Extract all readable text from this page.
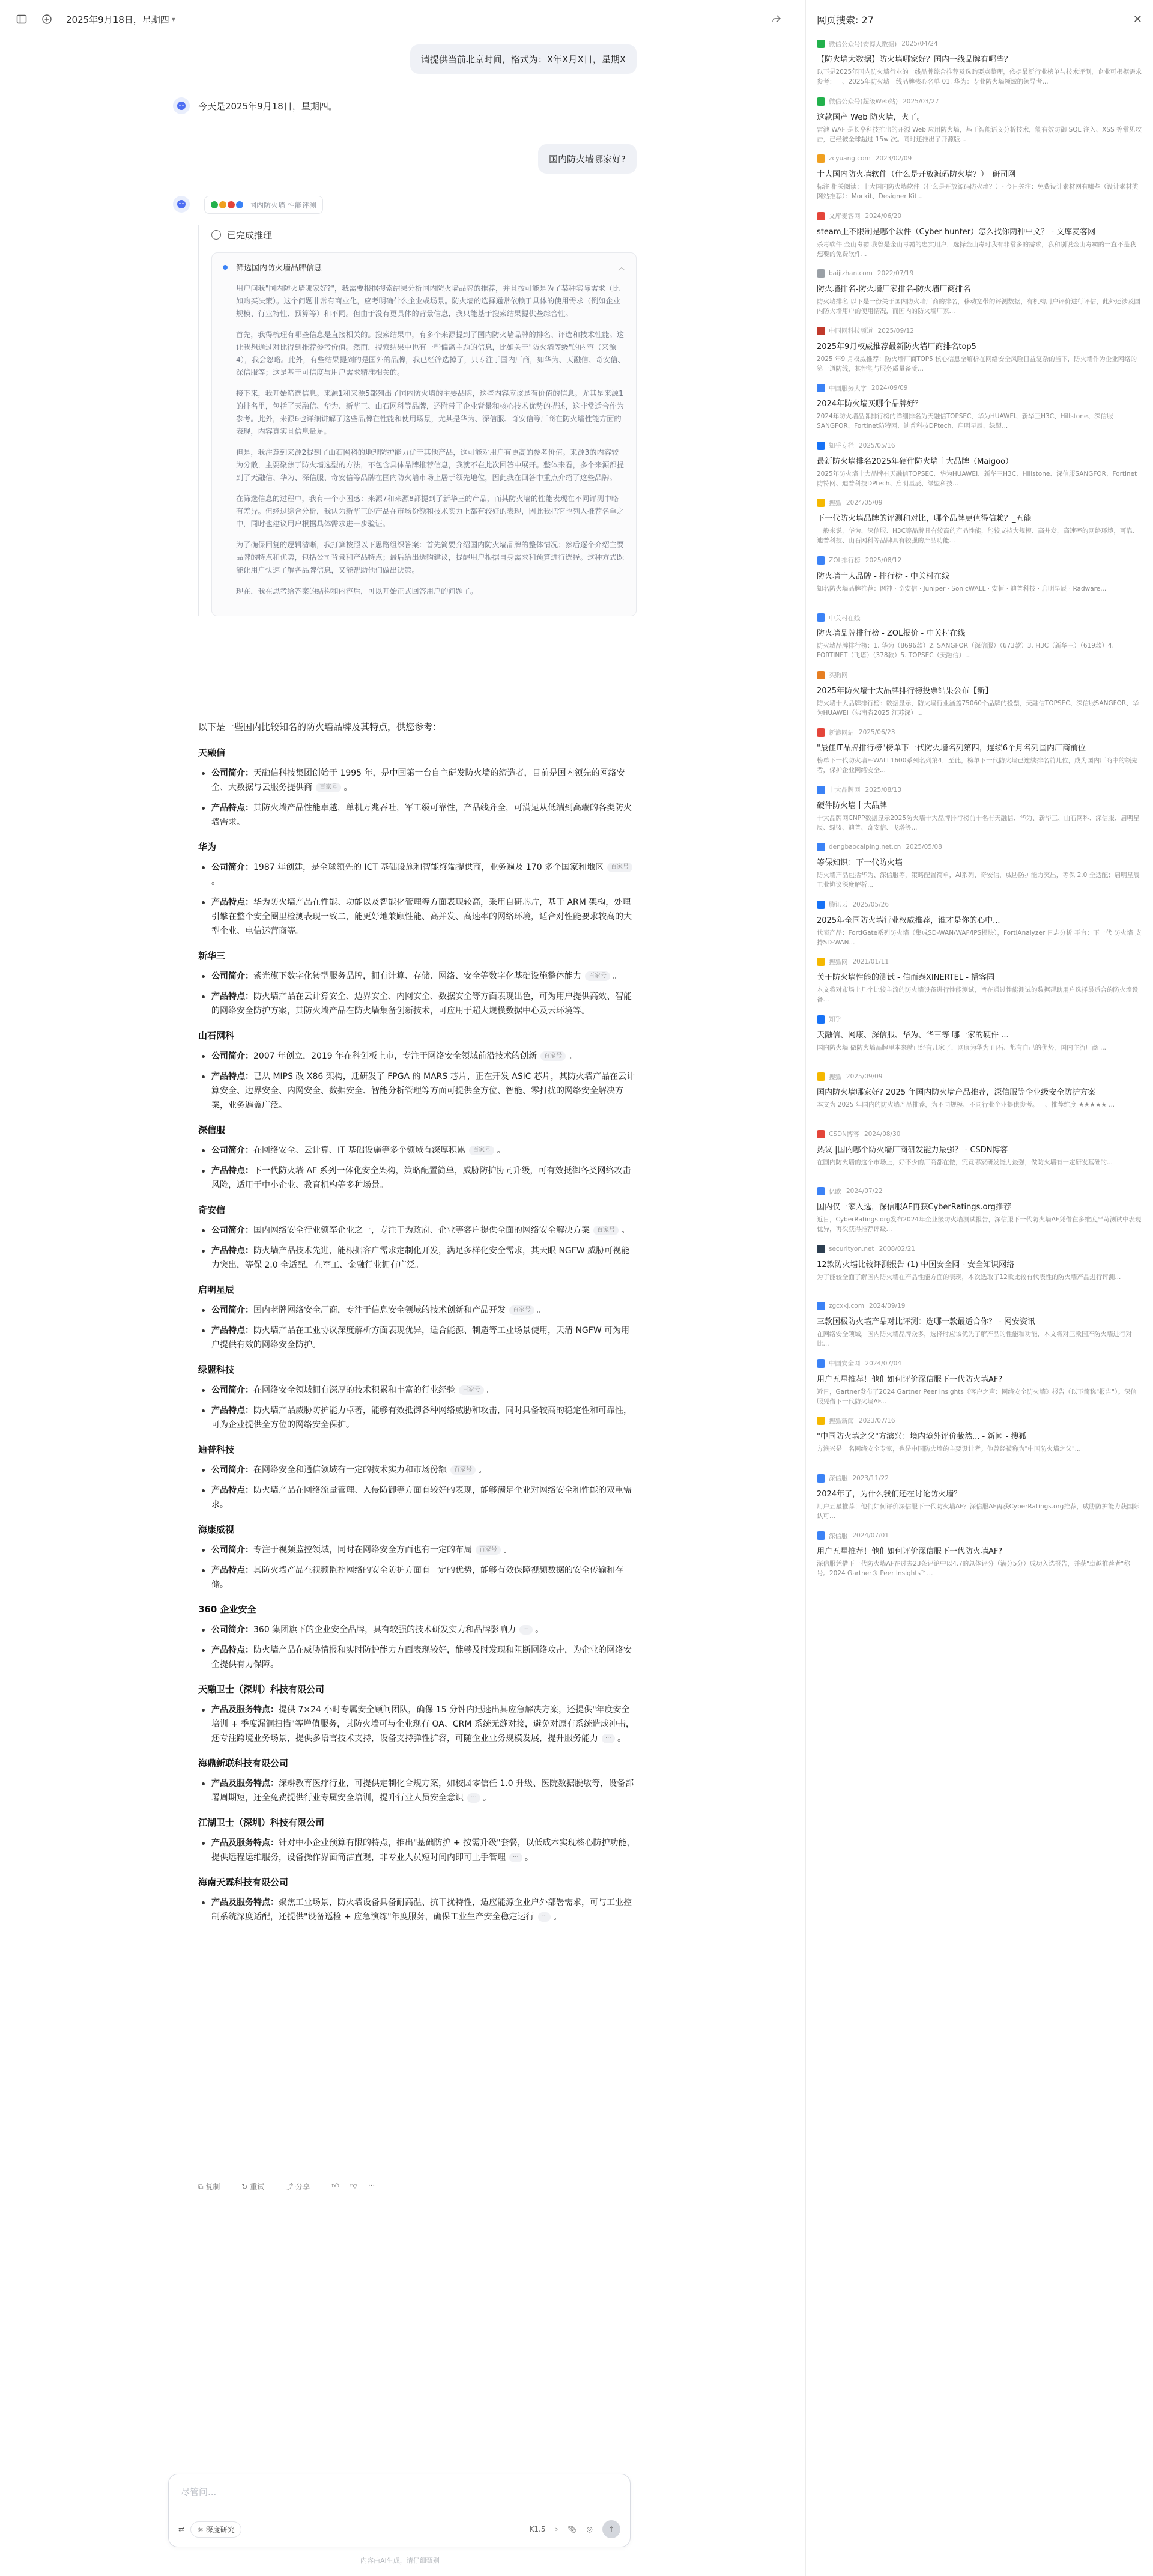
2025年9月18日，星期四 ▾
请提供当前北京时间，格式为：X年X月X日，星期X
今天是2025年9月18日，星期四。
国内防火墙哪家好?
国内防火墙 性能评测
已完成推理
筛选国内防火墙品牌信息	︿

用户问我"国内防火墙哪家好?"，我需要根据搜索结果分析国内防火墙品牌的推荐，并且按可能是为了某种实际需求（比如购买决策）。这个问题非常有商业化，应考明确什么企业或场景。防火墙的选择通常依赖于具体的使用需求（例如企业规模、行业特性、预算等）和不同。但由于没有更具体的背景信息，我只能基于搜索结果提供些综合性。

首先，我得梳理有哪些信息是直接相关的。搜索结果中，有多个来源提到了国内防火墙品牌的排名、评选和技术性能。这让我想通过对比得到推荐参考价值。然而，搜索结果中也有一些偏离主题的信息，比如关于"防火墙等级"的内容（来源4），我会忽略。此外，有些结果提到的是国外的品牌，我已经筛选掉了，只专注于国内厂商，如华为、天融信、奇安信、深信服等；这是基于可信度与用户需求精准相关的。

接下来，我开始筛选信息。来源1和来源5都列出了国内防火墙的主要品牌，这些内容应该是有价值的信息。尤其是来源1的排名里，包括了天融信、华为、新华三、山石网科等品牌，还附带了企业背景和核心技术优势的描述，这非常适合作为参考。此外，来源6也详细讲解了这些品牌在性能和使用场景，尤其是华为、深信服、奇安信等厂商在防火墙性能方面的表现，内容真实且信息量足。

但是，我注意到来源2提到了山石网科的地理防护能力优于其他产品，这可能对用户有更高的参考价值。来源3的内容较为分散，主要聚焦于防火墙选型的方法，不包含具体品牌推荐信息，我就不在此次回答中展开。整体来看，多个来源都提到了天融信、华为、深信服、奇安信等品牌在国内防火墙市场上居于领先地位，因此我在回答中重点介绍了这些品牌。

在筛选信息的过程中，我有一个小困惑：来源7和来源8都提到了新华三的产品，而其防火墙的性能表现在不同评测中略有差异。但经过综合分析，我认为新华三的产品在市场份额和技术实力上都有较好的表现，因此我把它也列入推荐名单之中，同时也建议用户根据具体需求进一步验证。

为了确保回复的逻辑清晰，我打算按照以下思路组织答案：首先简要介绍国内防火墙品牌的整体情况；然后逐个介绍主要品牌的特点和优势，包括公司背景和产品特点；最后给出选购建议，提醒用户根据自身需求和预算进行选择。这种方式既能让用户快速了解各品牌信息，又能帮助他们做出决策。

现在，我在思考给答案的结构和内容后，可以开始正式回答用户的问题了。

以下是一些国内比较知名的防火墙品牌及其特点，供您参考：
天融信
公司简介：天融信科技集团创始于 1995 年，是中国第一台自主研发防火墙的缔造者，目前是国内领先的网络安全、大数据与云服务提供商 百家号 。
产品特点：其防火墙产品性能卓越，单机万兆吞吐，军工级可靠性，产品线齐全，可满足从低端到高端的各类防火墙需求。
华为
公司简介：1987 年创建，是全球领先的 ICT 基础设施和智能终端提供商，业务遍及 170 多个国家和地区 百家号 。
产品特点：华为防火墙产品在性能、功能以及智能化管理等方面表现较高，采用自研芯片，基于 ARM 架构，处理引擎在整个安全圈里检测表现一致二，能更好地兼顾性能、高并发、高速率的网络环境，适合对性能要求较高的大型企业、电信运营商等。
新华三
公司简介：紫光旗下数字化转型服务品牌，拥有计算、存储、网络、安全等数字化基础设施整体能力 百家号 。
产品特点：防火墙产品在云计算安全、边界安全、内网安全、数据安全等方面表现出色，可为用户提供高效、智能的网络安全防护方案，其防火墙产品在防火墙集备创新技术，可应用于超大规模数据中心及云环境等。
山石网科
公司简介：2007 年创立，2019 年在科创板上市，专注于网络安全领域前沿技术的创新 百家号 。
产品特点：已从 MIPS 改 X86 架构，迁研发了 FPGA 的 MARS 芯片，正在开发 ASIC 芯片，其防火墙产品在云计算安全、边界安全、内网安全、数据安全、智能分析管理等方面可提供全方位、智能、零打扰的网络安全解决方案，业务遍盖广泛。
深信服
公司简介：在网络安全、云计算、IT 基础设施等多个领域有深厚积累 百家号 。
产品特点：下一代防火墙 AF 系列一体化安全架构，策略配置简单，威胁防护协同升级，可有效抵御各类网络攻击风险，适用于中小企业、教育机构等多种场景。
奇安信
公司简介：国内网络安全行业领军企业之一，专注于为政府、企业等客户提供全面的网络安全解决方案 百家号 。
产品特点：防火墙产品技术先进，能根据客户需求定制化开发，满足多样化安全需求，其天眼 NGFW 威胁可视能力突出，等保 2.0 全适配，在军工、金融行业拥有广泛。
启明星辰
公司简介：国内老牌网络安全厂商，专注于信息安全领域的技术创新和产品开发 百家号 。
产品特点：防火墙产品在工业协议深度解析方面表现优异，适合能源、制造等工业场景使用，天清 NGFW 可为用户提供有效的网络安全防护。
绿盟科技
公司简介：在网络安全领域拥有深厚的技术积累和丰富的行业经验 百家号 。
产品特点：防火墙产品威胁防护能力卓著，能够有效抵御各种网络威胁和攻击，同时具备较高的稳定性和可靠性，可为企业提供全方位的网络安全保护。
迪普科技
公司简介：在网络安全和通信领域有一定的技术实力和市场份额 百家号 。
产品特点：防火墙产品在网络流量管理、入侵防御等方面有较好的表现，能够满足企业对网络安全和性能的双重需求。
海康威视
公司简介：专注于视频监控领域，同时在网络安全方面也有一定的布局 百家号 。
产品特点：其防火墙产品在视频监控网络的安全防护方面有一定的优势，能够有效保障视频数据的安全传输和存储。
360 企业安全
公司简介：360 集团旗下的企业安全品牌，具有较强的技术研发实力和品牌影响力 ··· 。
产品特点：防火墙产品在威胁情报和实时防护能力方面表现较好，能够及时发现和阻断网络攻击，为企业的网络安全提供有力保障。
天融卫士（深圳）科技有限公司
产品及服务特点：提供 7×24 小时专属安全顾问团队，确保 15 分钟内迅速出具应急解决方案，还提供"年度安全培训 + 季度漏洞扫描"等增值服务，其防火墙可与企业现有 OA、CRM 系统无缝对接，避免对原有系统造成冲击，还专注跨境业务场景，提供多语言技术支持，设备支持弹性扩容，可随企业业务规模发展，提升服务能力 ··· 。
海鼎新联科技有限公司
产品及服务特点：深耕教育医疗行业，可提供定制化合规方案，如校园零信任 1.0 升级、医院数据脱敏等，设备部署周期短，还全免费提供行业专属安全培训，提升行业人员安全意识 ··· 。
江湖卫士（深圳）科技有限公司
产品及服务特点：针对中小企业预算有限的特点，推出"基础防护 + 按需升级"套餐，以低成本实现核心防护功能，提供远程运维服务，设备操作界面简洁直观，非专业人员短时间内即可上手管理 ··· 。
海南天霖科技有限公司
产品及服务特点：聚焦工业场景，防火墙设备具备耐高温、抗干扰特性，适应能源企业户外部署需求，可与工业控制系统深度适配，还提供"设备巡检 + 应急演练"年度服务，确保工业生产安全稳定运行 ··· 。
⧉ 复制	↻ 重试	⤴ 分享	👍︎ 👎︎ ···
尽管问...
⇄	⚛ 深度研究	K1.5 › 📎︎ ◎	↑
内容由AI生成，请仔细甄别
网页搜索: 27	✕
微信公众号(安博大数据) 2025/04/24
【防火墙大数据】防火墙哪家好？国内一线品牌有哪些？
以下是2025年国内防火墙行业的一线品牌综合推荐及选购要点整理，依据最新行业榜单与技术评测，企业可根据需求参考：一、2025年防火墙一线品牌核心名单 01. 华为：专业防火墙领域的领导者...
微信公众号(超级Web站) 2025/03/27
这款国产 Web 防火墙，火了。
雷池 WAF 是长亭科技推出的开源 Web 应用防火墙，基于智能语义分析技术，能有效防御 SQL 注入、XSS 等常见攻击，已经被全球超过 15w 次。同时还推出了开源版...
zcyuang.com 2023/02/09
十大国内防火墙软件（什么是开放源码防火墙？）_研司网
标注 相关阅读：十大国内防火墙软件（什么是开放源码防火墙？）- 今日关注：免费设计素材网有哪些（设计素材类网站推荐）：Mockit、Designer Kit...
文库麦客网 2024/06/20
steam上不限制是哪个软件（Cyber hunter）怎么找你两种中文？ - 文库麦客网
杀毒软件 金山毒霸 我曾是金山毒霸的忠实用户，选择金山毒时我有非常多的需求，我和别说金山毒霸的一直不是我想要的免费软件...
baijizhan.com 2022/07/19
防火墙排名-防火墙厂家排名-防火墙厂商排名
防火墙排名 以下是一份关于国内防火墙厂商的排名，移动宽带的评测数据，有机构用户评价进行评估，此外还涉及国内防火墙用户的使用情况，而国内的防火墙厂家...
中国网科技频道 2025/09/12
2025年9月权威推荐最新防火墙厂商排名top5
2025 年9 月权威推荐：防火墙厂商TOP5 核心信息全解析在网络安全风险日益复杂的当下，防火墙作为企业网络的第一道防线，其性能与服务质量备受...
中国服务大学 2024/09/09
2024年防火墙买哪个品牌好？
2024年防火墙品牌排行榜的详细排名为天融信TOPSEC、华为HUAWEI、新华三H3C、Hillstone、深信服SANGFOR、Fortinet防特网、迪普科技DPtech、启明星辰、绿盟...
知乎专栏 2025/05/16
最新防火墙排名2025年硬件防火墙十大品牌（Maigoo）
2025年防火墙十大品牌有天融信TOPSEC、华为HUAWEI、新华三H3C、Hillstone、深信服SANGFOR、Fortinet防特网、迪普科技DPtech、启明星辰、绿盟科技...
搜狐 2024/05/09
下一代防火墙品牌的评测和对比，哪个品牌更值得信赖？_五能
一般来说，华为、深信服、H3C等品牌具有较高的产品性能，能较支持大规模、高并发，高速率的网络环境，可靠、迪普科技、山石网科等品牌具有较强的产品功能...
ZOL排行榜 2025/08/12
防火墙十大品牌 - 排行榜 - 中关村在线
知名防火墙品牌推荐：网神 · 奇安信 · Juniper · SonicWALL · 安恒 · 迪普科技 · 启明星辰 · Radware...
中关村在线
防火墙品牌排行榜 - ZOL报价 - 中关村在线
防火墙品牌排行榜：1. 华为（8696款）2. SANGFOR（深信服）（673款）3. H3C（新华三）（619款）4. FORTINET（飞塔）（378款）5. TOPSEC（天融信）...
买购网
2025年防火墙十大品牌排行榜投票结果公布【新】
防火墙十大品牌排行榜：数据显示，防火墙行业涵盖75060个品牌的投票，天融信TOPSEC、深信服SANGFOR、华为HUAWEI（佛南省2025 江苏深）...
新浪网站 2025/06/23
"最佳IT品牌排行榜"榜单下一代防火墙名列第四，连续6个月名列国内厂商前位
榜单下一代防火墙E-WALL1600系列名列第4，至此，榜单下一代防火墙已连续排名前几位，成为国内厂商中的领先者，保护企业网络安全...
十大品牌网 2025/08/13
硬件防火墙十大品牌
十大品牌网CNPP数据显示2025防火墙十大品牌排行榜前十名有天融信、华为、新华三、山石网科、深信服、启明星辰、绿盟、迪普、奇安信、飞塔等...
dengbaocaiping.net.cn 2025/05/08
等保知识：下一代防火墙
防火墙产品包括华为、深信服等，策略配置简单，AI系列、奇安信，威胁防护能力突出，等保 2.0 全适配；启明星辰 工业协议深度解析...
腾讯云 2025/05/26
2025年全国防火墙行业权威推荐，谁才是你的心中...
代表产品：FortiGate系列防火墙（集成SD-WAN/WAF/IPS模块），FortiAnalyzer 日志分析 平台：下一代 防火墙 支持SD-WAN...
搜狐网 2021/01/11
关于防火墙性能的测试 - 信而泰XINERTEL - 播客园
本文将对市场上几个比较主流的防火墙设备进行性能测试，旨在通过性能测试的数据帮助用户选择最适合的防火墙设备...
知乎
天融信、网康、深信服、华为、华三等 哪一家的硬件 ...
国内防火墙 做防火墙品牌里本来就已经有几家了，网康为华为 山石、都有自己的优势，国内主流厂商 ...
搜狐 2025/09/09
国内防火墙哪家好? 2025 年国内防火墙产品推荐，深信服等企业级安全防护方案
本文为 2025 年国内的防火墙产品推荐，为不同规模、不同行业企业提供参考。一、推荐维度 ★★★★★ ...
CSDN博客 2024/08/30
热议 |国内哪个防火墙厂商研发能力最强？ - CSDN博客
在国内防火墙的这个市场上，好不少的厂商都在做，究竟哪家研发能力最强，做防火墙有一定研发基础的...
亿欧 2024/07/22
国内仅一家入选，深信服AF再获CyberRatings.org推荐
近日，CyberRatings.org发布2024年企业级防火墙测试报告，深信服下一代防火墙AF凭借在多维度严苛测试中表现优异，再次获得推荐评级...
securityon.net 2008/02/21
12款防火墙比较评测报告 (1) 中国安全网 - 安全知识网络
为了能较全面了解国内防火墙在产品性能方面的表现，本次选取了12款比较有代表性的防火墙产品进行评测...
zgcxkj.com 2024/09/19
三款国极防火墙产品对比评测：选哪一款最适合你？ - 网安资讯
在网络安全领域，国内防火墙品牌众多，选择时应该优先了解产品的性能和功能，本文将对三款国产防火墙进行对比...
中国安全网 2024/07/04
用户五星推荐！他们如何评价深信服下一代防火墙AF?
近日，Gartner发布了2024 Gartner Peer Insights《客户之声：网络安全防火墙》报告（以下简称"报告"）。深信服凭借下一代防火墙AF...
搜狐新闻 2023/07/16
"中国防火墙之父"方滨兴：境内境外评价截然... - 新闻 - 搜狐
方滨兴是一名网络安全专家，也是中国防火墙的主要设计者。他曾经被称为"中国防火墙之父"...
深信服 2023/11/22
2024年了，为什么我们还在讨论防火墙？
用户五星推荐！他们如何评价深信服下一代防火墙AF？深信服AF再获CyberRatings.org推荐，威胁防护能力获国际认可...
深信服 2024/07/01
用户五星推荐！他们如何评价深信服下一代防火墙AF?
深信服凭借下一代防火墙AF在过去23条评论中以4.7的总体评分（满分5分）成功入选报告，并获"卓越推荐者"称号。2024 Gartner® Peer Insights™...
